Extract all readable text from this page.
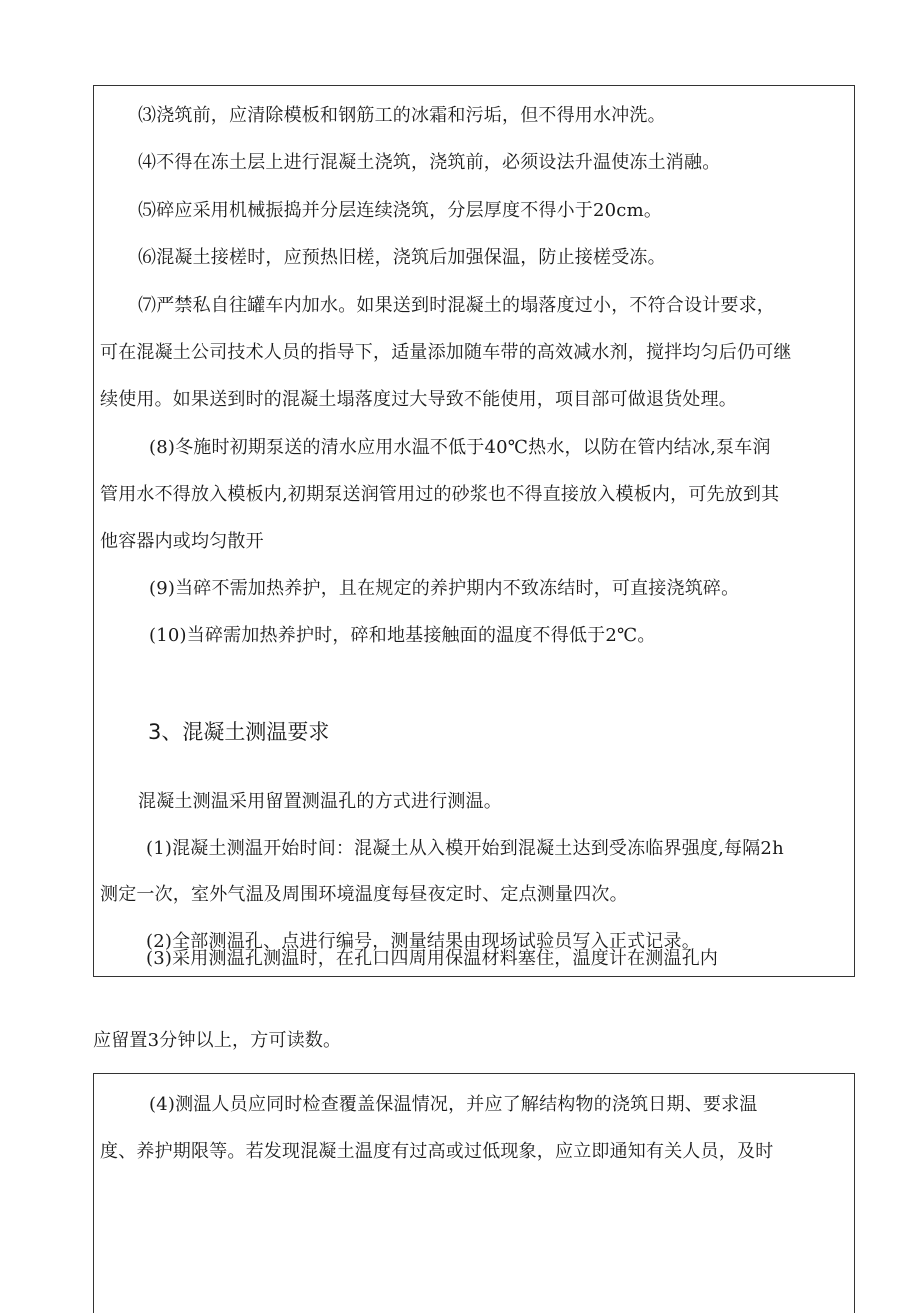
⑶浇筑前，应清除模板和钢筋工的冰霜和污垢，但不得用水冲洗。
⑷不得在冻土层上进行混凝土浇筑，浇筑前，必须设法升温使冻土消融。
⑸碎应采用机械振捣并分层连续浇筑，分层厚度不得小于20cm。
⑹混凝土接槎时，应预热旧槎，浇筑后加强保温，防止接槎受冻。
⑺严禁私自往罐车内加水。如果送到时混凝土的塌落度过小，不符合设计要求，
可在混凝土公司技术人员的指导下，适量添加随车带的高效减水剂，搅拌均匀后仍可继
续使用。如果送到时的混凝土塌落度过大导致不能使用，项目部可做退货处理。
(8)冬施时初期泵送的清水应用水温不低于40℃热水，以防在管内结冰,泵车润
管用水不得放入模板内,初期泵送润管用过的砂浆也不得直接放入模板内，可先放到其
他容器内或均匀散开
(9)当碎不需加热养护，且在规定的养护期内不致冻结时，可直接浇筑碎。
(10)当碎需加热养护时，碎和地基接触面的温度不得低于2℃。
3、混凝土测温要求
混凝土测温采用留置测温孔的方式进行测温。
(1)混凝土测温开始时间：混凝土从入模开始到混凝土达到受冻临界强度,每隔2h
测定一次，室外气温及周围环境温度每昼夜定时、定点测量四次。
(2)全部测温孔、点进行编号，测量结果由现场试验员写入正式记录。
(3)采用测温孔测温时，在孔口四周用保温材料塞住，温度计在测温孔内
应留置3分钟以上，方可读数。
(4)测温人员应同时检查覆盖保温情况，并应了解结构物的浇筑日期、要求温
度、养护期限等。若发现混凝土温度有过高或过低现象，应立即通知有关人员，及时
